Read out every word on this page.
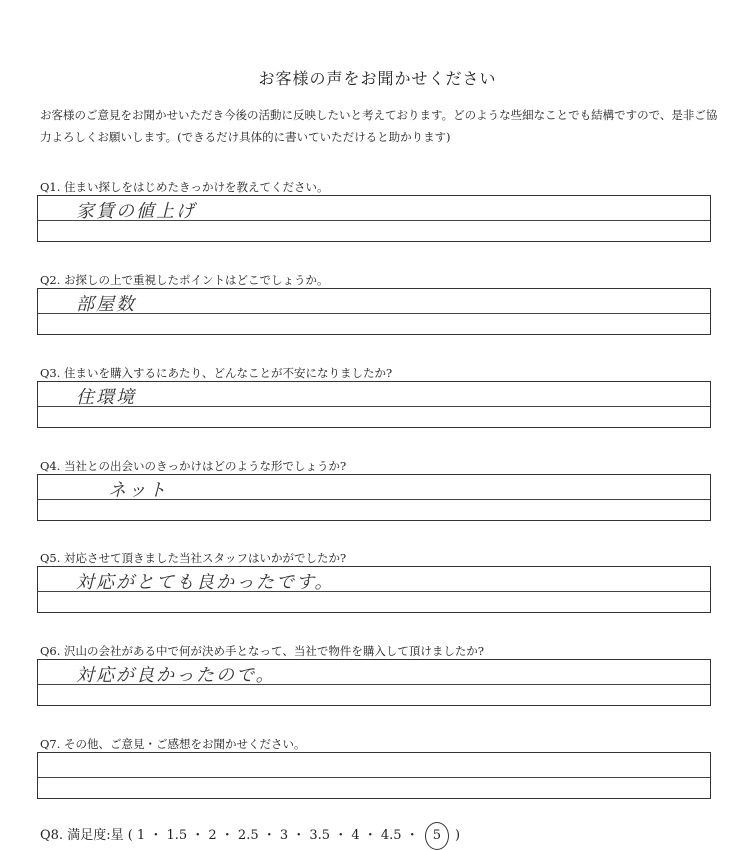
お客様の声をお聞かせください
お客様のご意見をお聞かせいただき今後の活動に反映したいと考えております。どのような些細なことでも結構ですので、是非ご協力よろしくお願いします。(できるだけ具体的に書いていただけると助かります)
Q1. 住まい探しをはじめたきっかけを教えてください。
家賃の値上げ
Q2. お探しの上で重視したポイントはどこでしょうか。
部屋数
Q3. 住まいを購入するにあたり、どんなことが不安になりましたか?
住環境
Q4. 当社との出会いのきっかけはどのような形でしょうか?
ネット
Q5. 対応させて頂きました当社スタッフはいかがでしたか?
対応がとても良かったです。
Q6. 沢山の会社がある中で何が決め手となって、当社で物件を購入して頂けましたか?
対応が良かったので。
Q7. その他、ご意見・ご感想をお聞かせください。
Q8. 満足度:星 ( 1 ・ 1.5 ・ 2 ・ 2.5 ・ 3 ・ 3.5 ・ 4 ・ 4.5 ・ 5 )
